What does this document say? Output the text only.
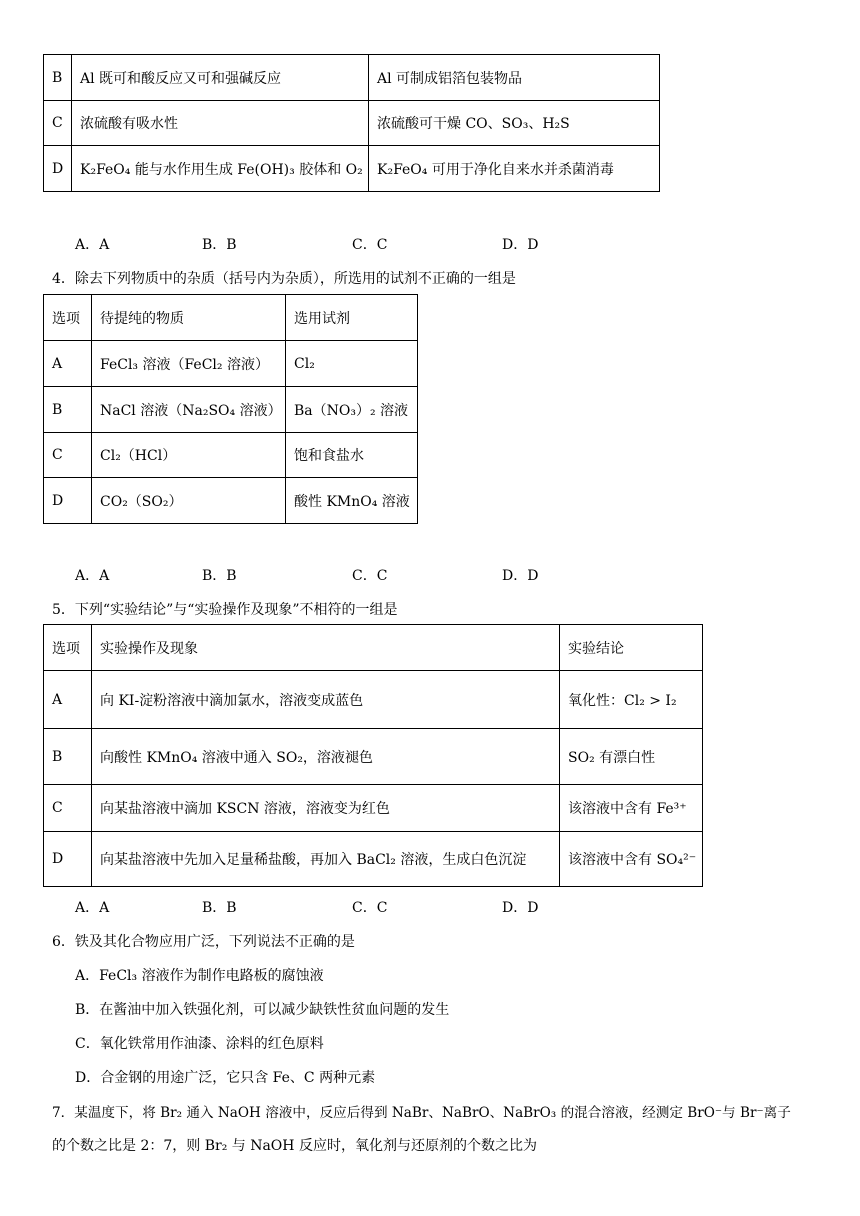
B	Al 既可和酸反应又可和强碱反应	Al 可制成铝箔包装物品
C	浓硫酸有吸水性	浓硫酸可干燥 CO、SO₃、H₂S
D	K₂FeO₄ 能与水作用生成 Fe(OH)₃ 胶体和 O₂	K₂FeO₄ 可用于净化自来水并杀菌消毒
A．A	B．B	C．C	D．D
4．除去下列物质中的杂质（括号内为杂质），所选用的试剂不正确的一组是
选项	待提纯的物质	选用试剂
A	FeCl₃ 溶液（FeCl₂ 溶液）	Cl₂
B	NaCl 溶液（Na₂SO₄ 溶液）	Ba（NO₃）₂ 溶液
C	Cl₂（HCl）	饱和食盐水
D	CO₂（SO₂）	酸性 KMnO₄ 溶液
A．A	B．B	C．C	D．D
5．下列“实验结论”与“实验操作及现象”不相符的一组是
选项	实验操作及现象	实验结论
A	向 KI-淀粉溶液中滴加氯水，溶液变成蓝色	氧化性：Cl₂ > I₂
B	向酸性 KMnO₄ 溶液中通入 SO₂，溶液褪色	SO₂ 有漂白性
C	向某盐溶液中滴加 KSCN 溶液，溶液变为红色	该溶液中含有 Fe³⁺
D	向某盐溶液中先加入足量稀盐酸，再加入 BaCl₂ 溶液，生成白色沉淀	该溶液中含有 SO₄²⁻
A．A	B．B	C．C	D．D
6．铁及其化合物应用广泛，下列说法不正确的是
A．FeCl₃ 溶液作为制作电路板的腐蚀液
B．在酱油中加入铁强化剂，可以减少缺铁性贫血问题的发生
C．氧化铁常用作油漆、涂料的红色原料
D．合金钢的用途广泛，它只含 Fe、C 两种元素
7．某温度下，将 Br₂ 通入 NaOH 溶液中，反应后得到 NaBr、NaBrO、NaBrO₃ 的混合溶液，经测定 BrO⁻与 Br⁻离子
的个数之比是 2：7，则 Br₂ 与 NaOH 反应时，氧化剂与还原剂的个数之比为
